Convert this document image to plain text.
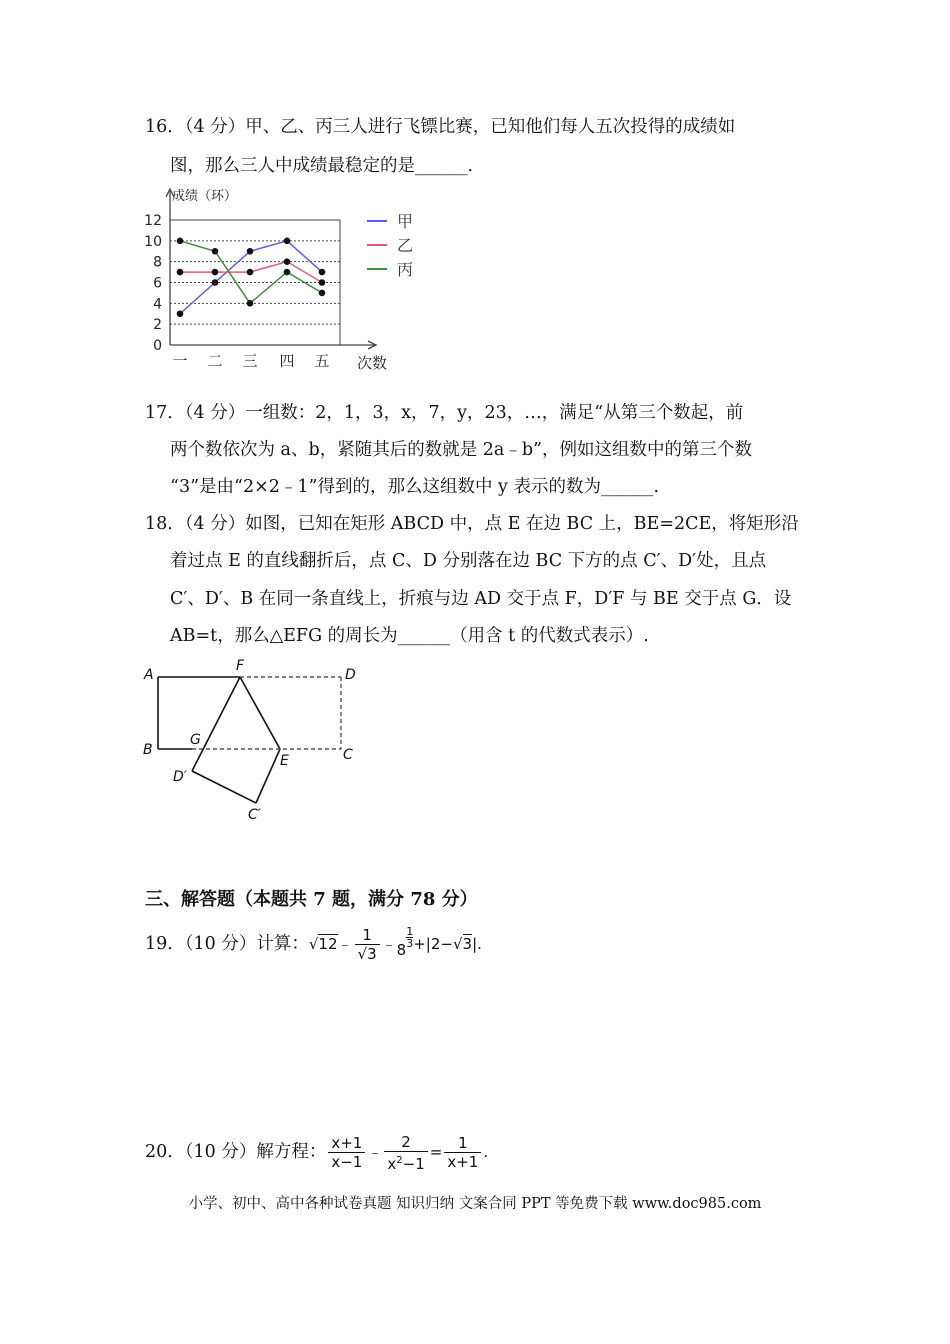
16．（4 分）甲、乙、丙三人进行飞镖比赛，已知他们每人五次投得的成绩如
图，那么三人中成绩最稳定的是______.
0
2
4
6
8
10
12
成绩（环）
次数
一 二 三 四 五
甲
乙
丙
17．（4 分）一组数：2，1，3，x，7，y，23，…，满足“从第三个数起，前
两个数依次为 a、b，紧随其后的数就是 2a﹣b”，例如这组数中的第三个数
“3”是由“2×2﹣1”得到的，那么这组数中 y 表示的数为______.
18．（4 分）如图，已知在矩形 ABCD 中，点 E 在边 BC 上，BE=2CE，将矩形沿
着过点 E 的直线翻折后，点 C、D 分别落在边 BC 下方的点 C′、D′处，且点
C′、D′、B 在同一条直线上，折痕与边 AD 交于点 F，D′F 与 BE 交于点 G．设
AB=t，那么△EFG 的周长为______（用含 t 的代数式表示）.
A
F
D
B
G
E	C
D′
C′
三、解答题（本题共 7 题，满分 78 分）
19．（10 分）计算：√12﹣ $\frac{1}{√3}$ ﹣8
$^{\frac{1}{3}}$ +|2−√3|.
20．（10 分）解方程： $\frac{x+1}{x-1}$ ﹣ $\frac{2}{x^2-1} = \frac{1}{x+1}$ .
小学、初中、高中各种试卷真题 知识归纳 文案合同 PPT 等免费下载 www.doc985.com
